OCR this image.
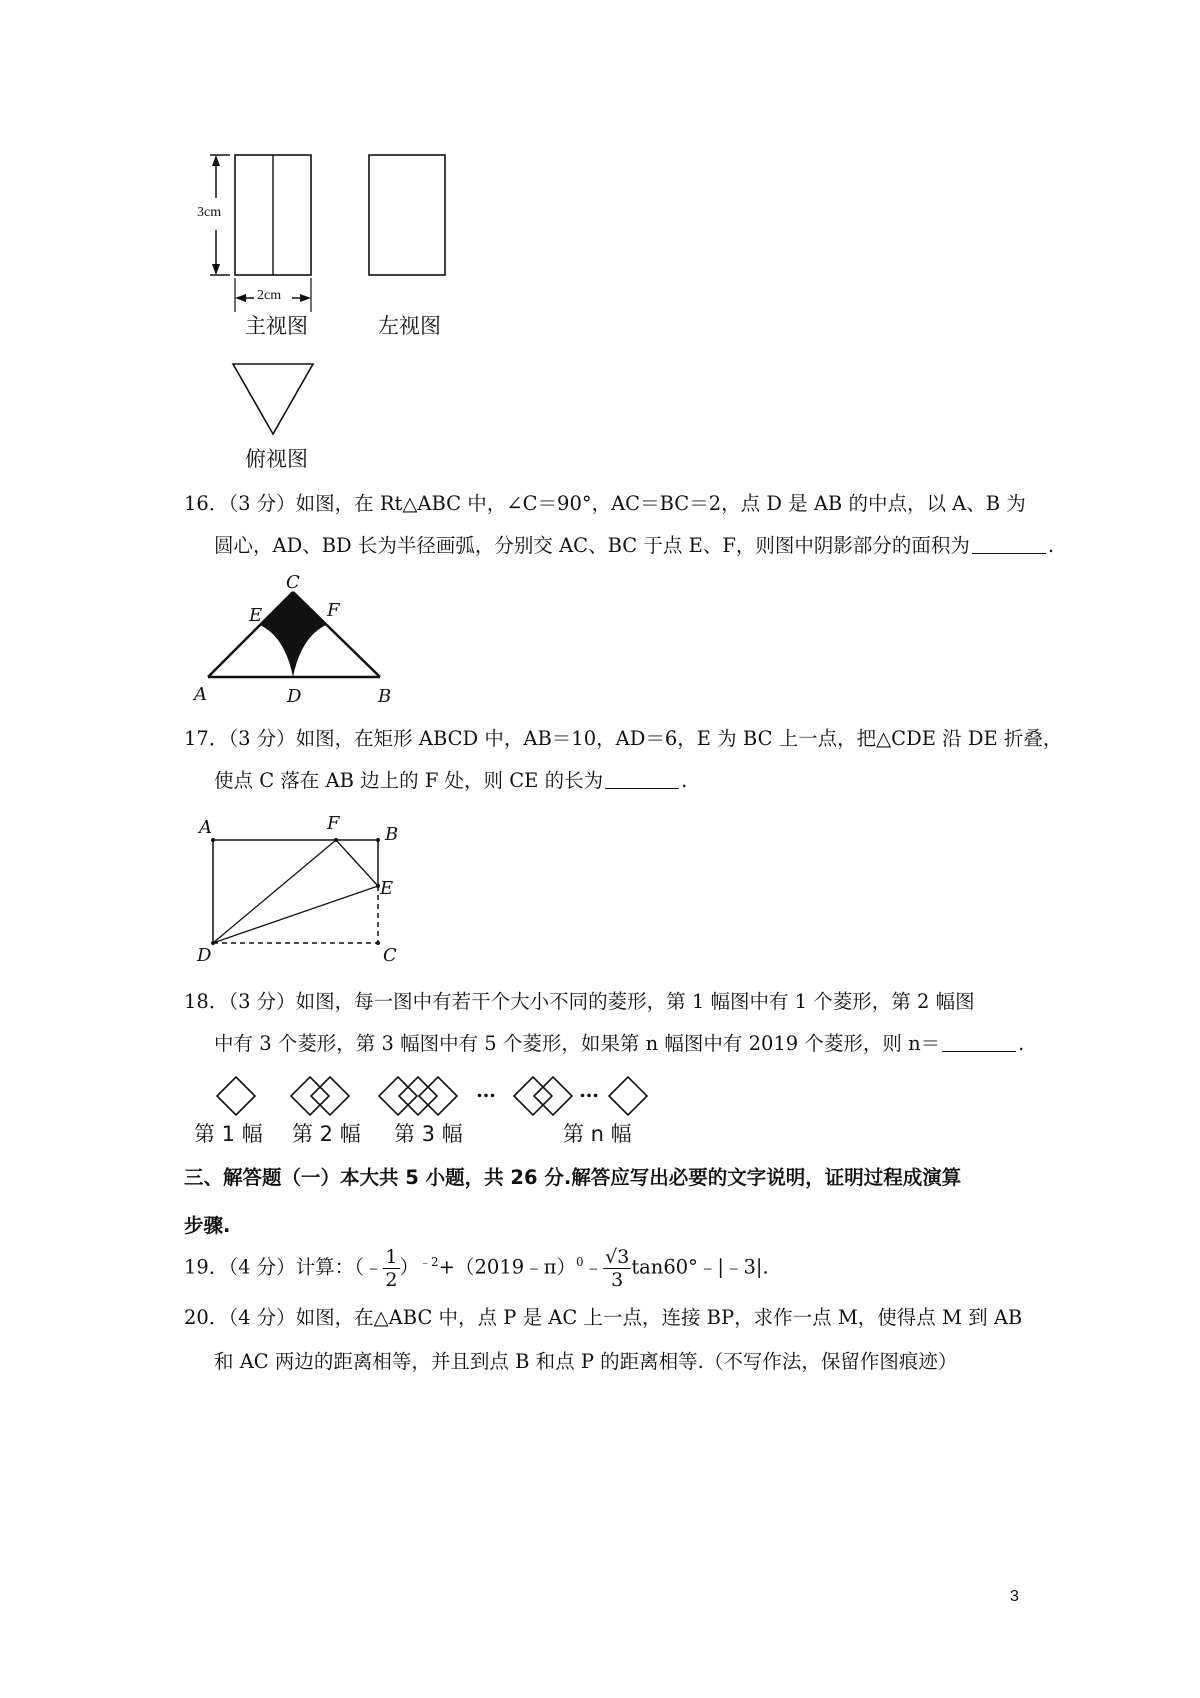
3cm
2cm
主视图	左视图
俯视图
16．（3 分）如图，在 Rt△ABC 中，∠C＝90°，AC＝BC＝2，点 D 是 AB 的中点，以 A、B 为
圆心，AD、BD 长为半径画弧，分别交 AC、BC 于点 E、F，则图中阴影部分的面积为	.
C
E	F
A	D	B
17．（3 分）如图，在矩形 ABCD 中，AB＝10，AD＝6，E 为 BC 上一点，把△CDE 沿 DE 折叠，
使点 C 落在 AB 边上的 F 处，则 CE 的长为	.
A	F
B
E
D	C
18．（3 分）如图，每一图中有若干个大小不同的菱形，第 1 幅图中有 1 个菱形，第 2 幅图
中有 3 个菱形，第 3 幅图中有 5 个菱形，如果第 n 幅图中有 2019 个菱形，则 n＝	.
…	…
第 1 幅 第 2 幅 第 3 幅	第 n 幅
三、解答题（一）本大共 5 小题，共 26 分.解答应写出必要的文字说明，证明过程成演算
步骤.
19．（4 分）计算：（﹣ $\frac{1}{2}$ ）$^{﹣2}$+（2019﹣π）$^0$﹣ $\frac{√3}{3}$ tan60°﹣|﹣3|.
20．（4 分）如图，在△ABC 中，点 P 是 AC 上一点，连接 BP，求作一点 M，使得点 M 到 AB
和 AC 两边的距离相等，并且到点 B 和点 P 的距离相等.（不写作法，保留作图痕迹）
3
